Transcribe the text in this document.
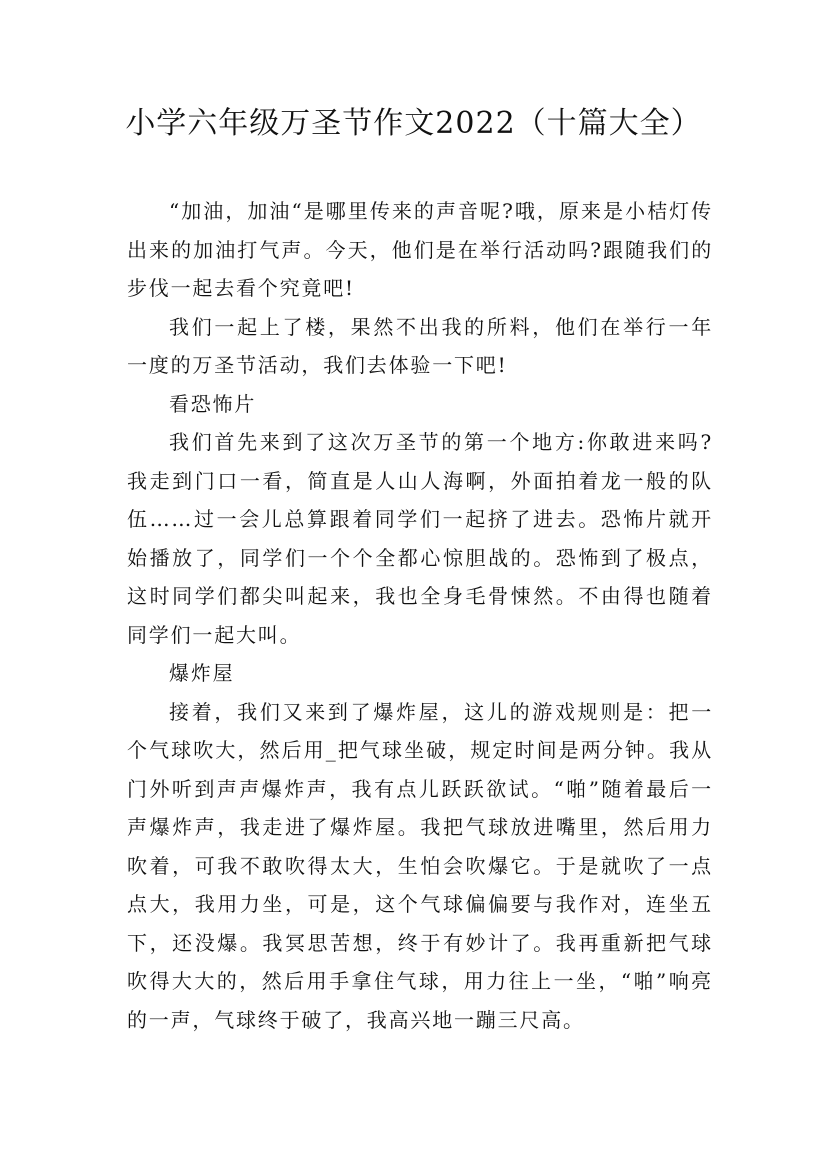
小学六年级万圣节作文2022（十篇大全）

“加油，加油“是哪里传来的声音呢?哦，原来是小桔灯传出来的加油打气声。今天，他们是在举行活动吗?跟随我们的步伐一起去看个究竟吧!

我们一起上了楼，果然不出我的所料，他们在举行一年一度的万圣节活动，我们去体验一下吧!

看恐怖片

我们首先来到了这次万圣节的第一个地方:你敢进来吗?我走到门口一看，简直是人山人海啊，外面拍着龙一般的队伍……过一会儿总算跟着同学们一起挤了进去。恐怖片就开始播放了，同学们一个个全都心惊胆战的。恐怖到了极点，这时同学们都尖叫起来，我也全身毛骨悚然。不由得也随着同学们一起大叫。

爆炸屋

接着，我们又来到了爆炸屋，这儿的游戏规则是：把一个气球吹大，然后用_把气球坐破，规定时间是两分钟。我从门外听到声声爆炸声，我有点儿跃跃欲试。“啪”随着最后一声爆炸声，我走进了爆炸屋。我把气球放进嘴里，然后用力吹着，可我不敢吹得太大，生怕会吹爆它。于是就吹了一点点大，我用力坐，可是，这个气球偏偏要与我作对，连坐五下，还没爆。我冥思苦想，终于有妙计了。我再重新把气球吹得大大的，然后用手拿住气球，用力往上一坐，“啪”响亮的一声，气球终于破了，我高兴地一蹦三尺高。
